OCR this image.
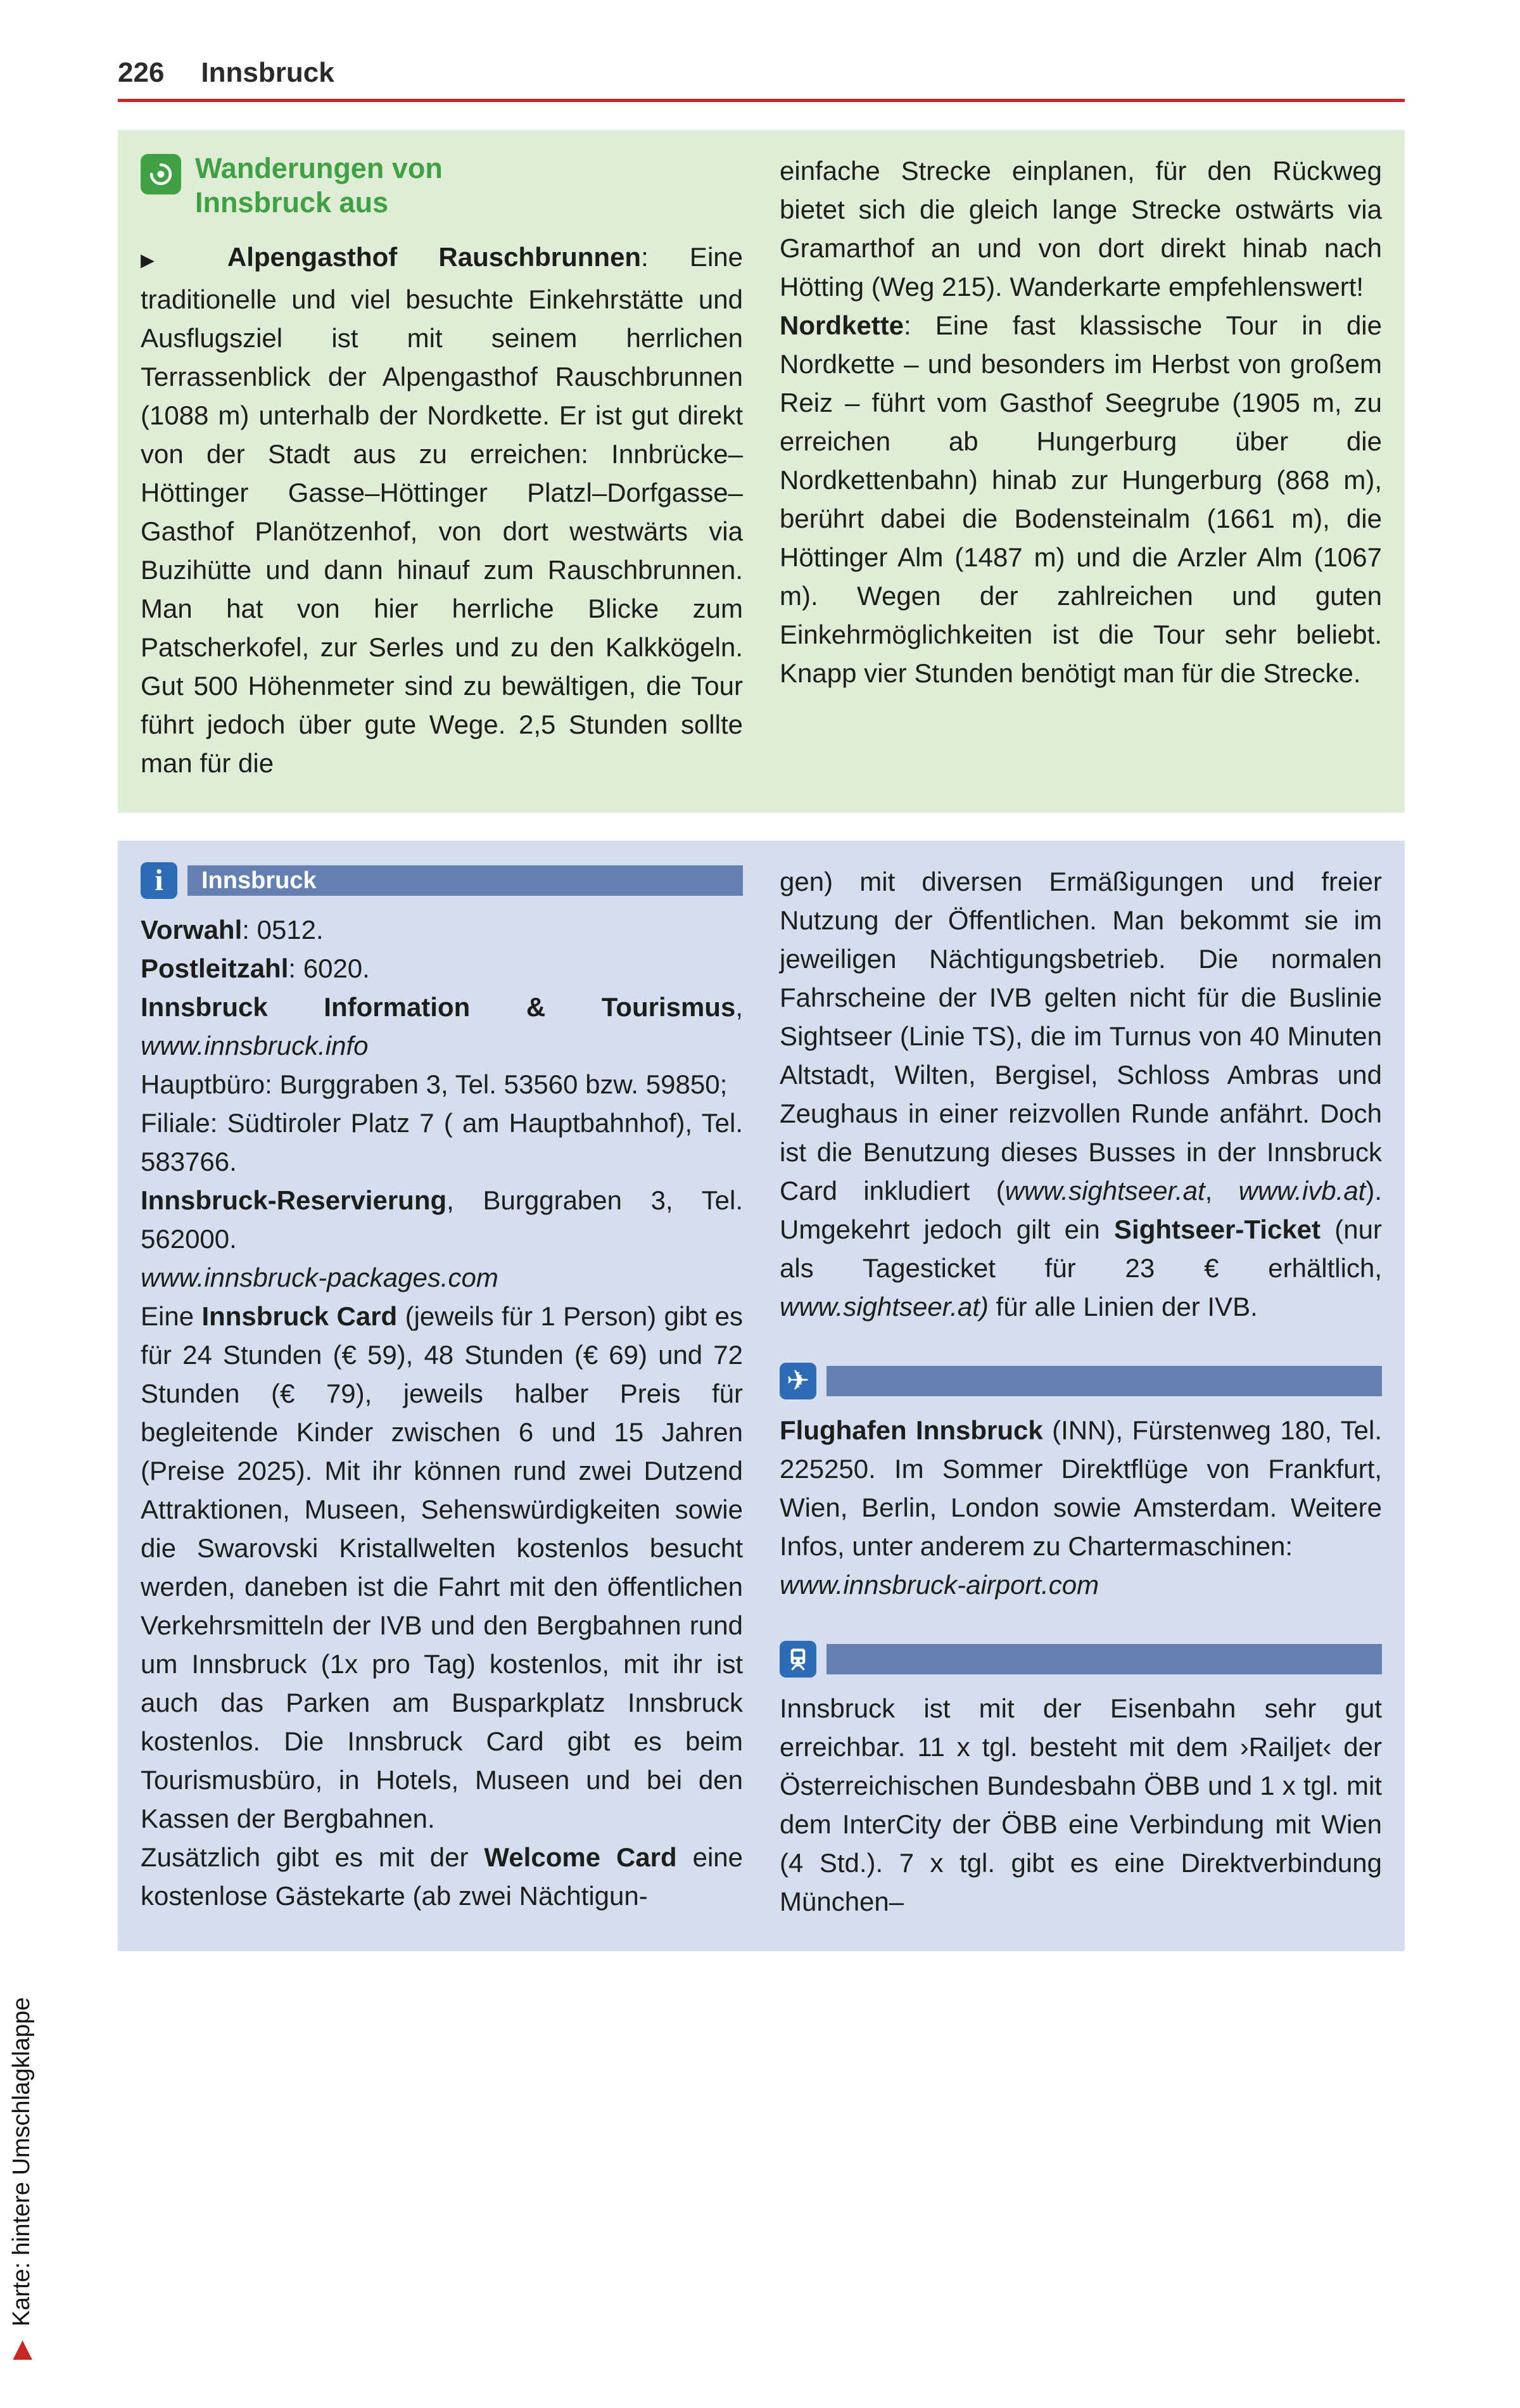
226 Innsbruck
Wanderungen von
Innsbruck aus

▶ Alpengasthof Rauschbrunnen: Eine traditionelle und viel besuchte Einkehrstätte und Ausflugsziel ist mit seinem herrlichen Terrassenblick der Alpengasthof Rauschbrunnen (1088 m) unterhalb der Nordkette. Er ist gut direkt von der Stadt aus zu erreichen: Innbrücke–Höttinger Gasse–Höttinger Platzl–Dorfgasse–Gasthof Planötzenhof, von dort westwärts via Buzihütte und dann hinauf zum Rauschbrunnen. Man hat von hier herrliche Blicke zum Patscherkofel, zur Serles und zu den Kalkkögeln. Gut 500 Höhenmeter sind zu bewältigen, die Tour führt jedoch über gute Wege. 2,5 Stunden sollte man für die

einfache Strecke einplanen, für den Rückweg bietet sich die gleich lange Strecke ostwärts via Gramarthof an und von dort direkt hinab nach Hötting (Weg 215). Wanderkarte empfehlenswert!

Nordkette: Eine fast klassische Tour in die Nordkette – und besonders im Herbst von großem Reiz – führt vom Gasthof Seegrube (1905 m, zu erreichen ab Hungerburg über die Nordkettenbahn) hinab zur Hungerburg (868 m), berührt dabei die Bodensteinalm (1661 m), die Höttinger Alm (1487 m) und die Arzler Alm (1067 m). Wegen der zahlreichen und guten Einkehrmöglichkeiten ist die Tour sehr beliebt. Knapp vier Stunden benötigt man für die Strecke.

i	Innsbruck

Vorwahl: 0512.

Postleitzahl: 6020.

Innsbruck Information & Tourismus, www.innsbruck.info

Hauptbüro: Burggraben 3, Tel. 53560 bzw. 59850;

Filiale: Südtiroler Platz 7 ( am Hauptbahnhof), Tel. 583766.

Innsbruck-Reservierung, Burggraben 3, Tel. 562000.

www.innsbruck-packages.com

Eine Innsbruck Card (jeweils für 1 Person) gibt es für 24 Stunden (€ 59), 48 Stunden (€ 69) und 72 Stunden (€ 79), jeweils halber Preis für begleitende Kinder zwischen 6 und 15 Jahren (Preise 2025). Mit ihr können rund zwei Dutzend Attraktionen, Museen, Sehenswürdigkeiten sowie die Swarovski Kristallwelten kostenlos besucht werden, daneben ist die Fahrt mit den öffentlichen Verkehrsmitteln der IVB und den Bergbahnen rund um Innsbruck (1x pro Tag) kostenlos, mit ihr ist auch das Parken am Busparkplatz Innsbruck kostenlos. Die Innsbruck Card gibt es beim Tourismusbüro, in Hotels, Museen und bei den Kassen der Bergbahnen.

Zusätzlich gibt es mit der Welcome Card eine kostenlose Gästekarte (ab zwei Nächtigun-

gen) mit diversen Ermäßigungen und freier Nutzung der Öffentlichen. Man bekommt sie im jeweiligen Nächtigungsbetrieb. Die normalen Fahrscheine der IVB gelten nicht für die Buslinie Sightseer (Linie TS), die im Turnus von 40 Minuten Altstadt, Wilten, Bergisel, Schloss Ambras und Zeughaus in einer reizvollen Runde anfährt. Doch ist die Benutzung dieses Busses in der Innsbruck Card inkludiert (www.sightseer.at, www.ivb.at). Umgekehrt jedoch gilt ein Sightseer-Ticket (nur als Tagesticket für 23 € erhältlich, www.sightseer.at) für alle Linien der IVB.

✈

Flughafen Innsbruck (INN), Fürstenweg 180, Tel. 225250. Im Sommer Direktflüge von Frankfurt, Wien, Berlin, London sowie Amsterdam. Weitere Infos, unter anderem zu Chartermaschinen:

www.innsbruck-airport.com

Innsbruck ist mit der Eisenbahn sehr gut erreichbar. 11 x tgl. besteht mit dem ›Railjet‹ der Österreichischen Bundesbahn ÖBB und 1 x tgl. mit dem InterCity der ÖBB eine Verbindung mit Wien (4 Std.). 7 x tgl. gibt es eine Direktverbindung München–

▶Karte: hintere Umschlagklappe
